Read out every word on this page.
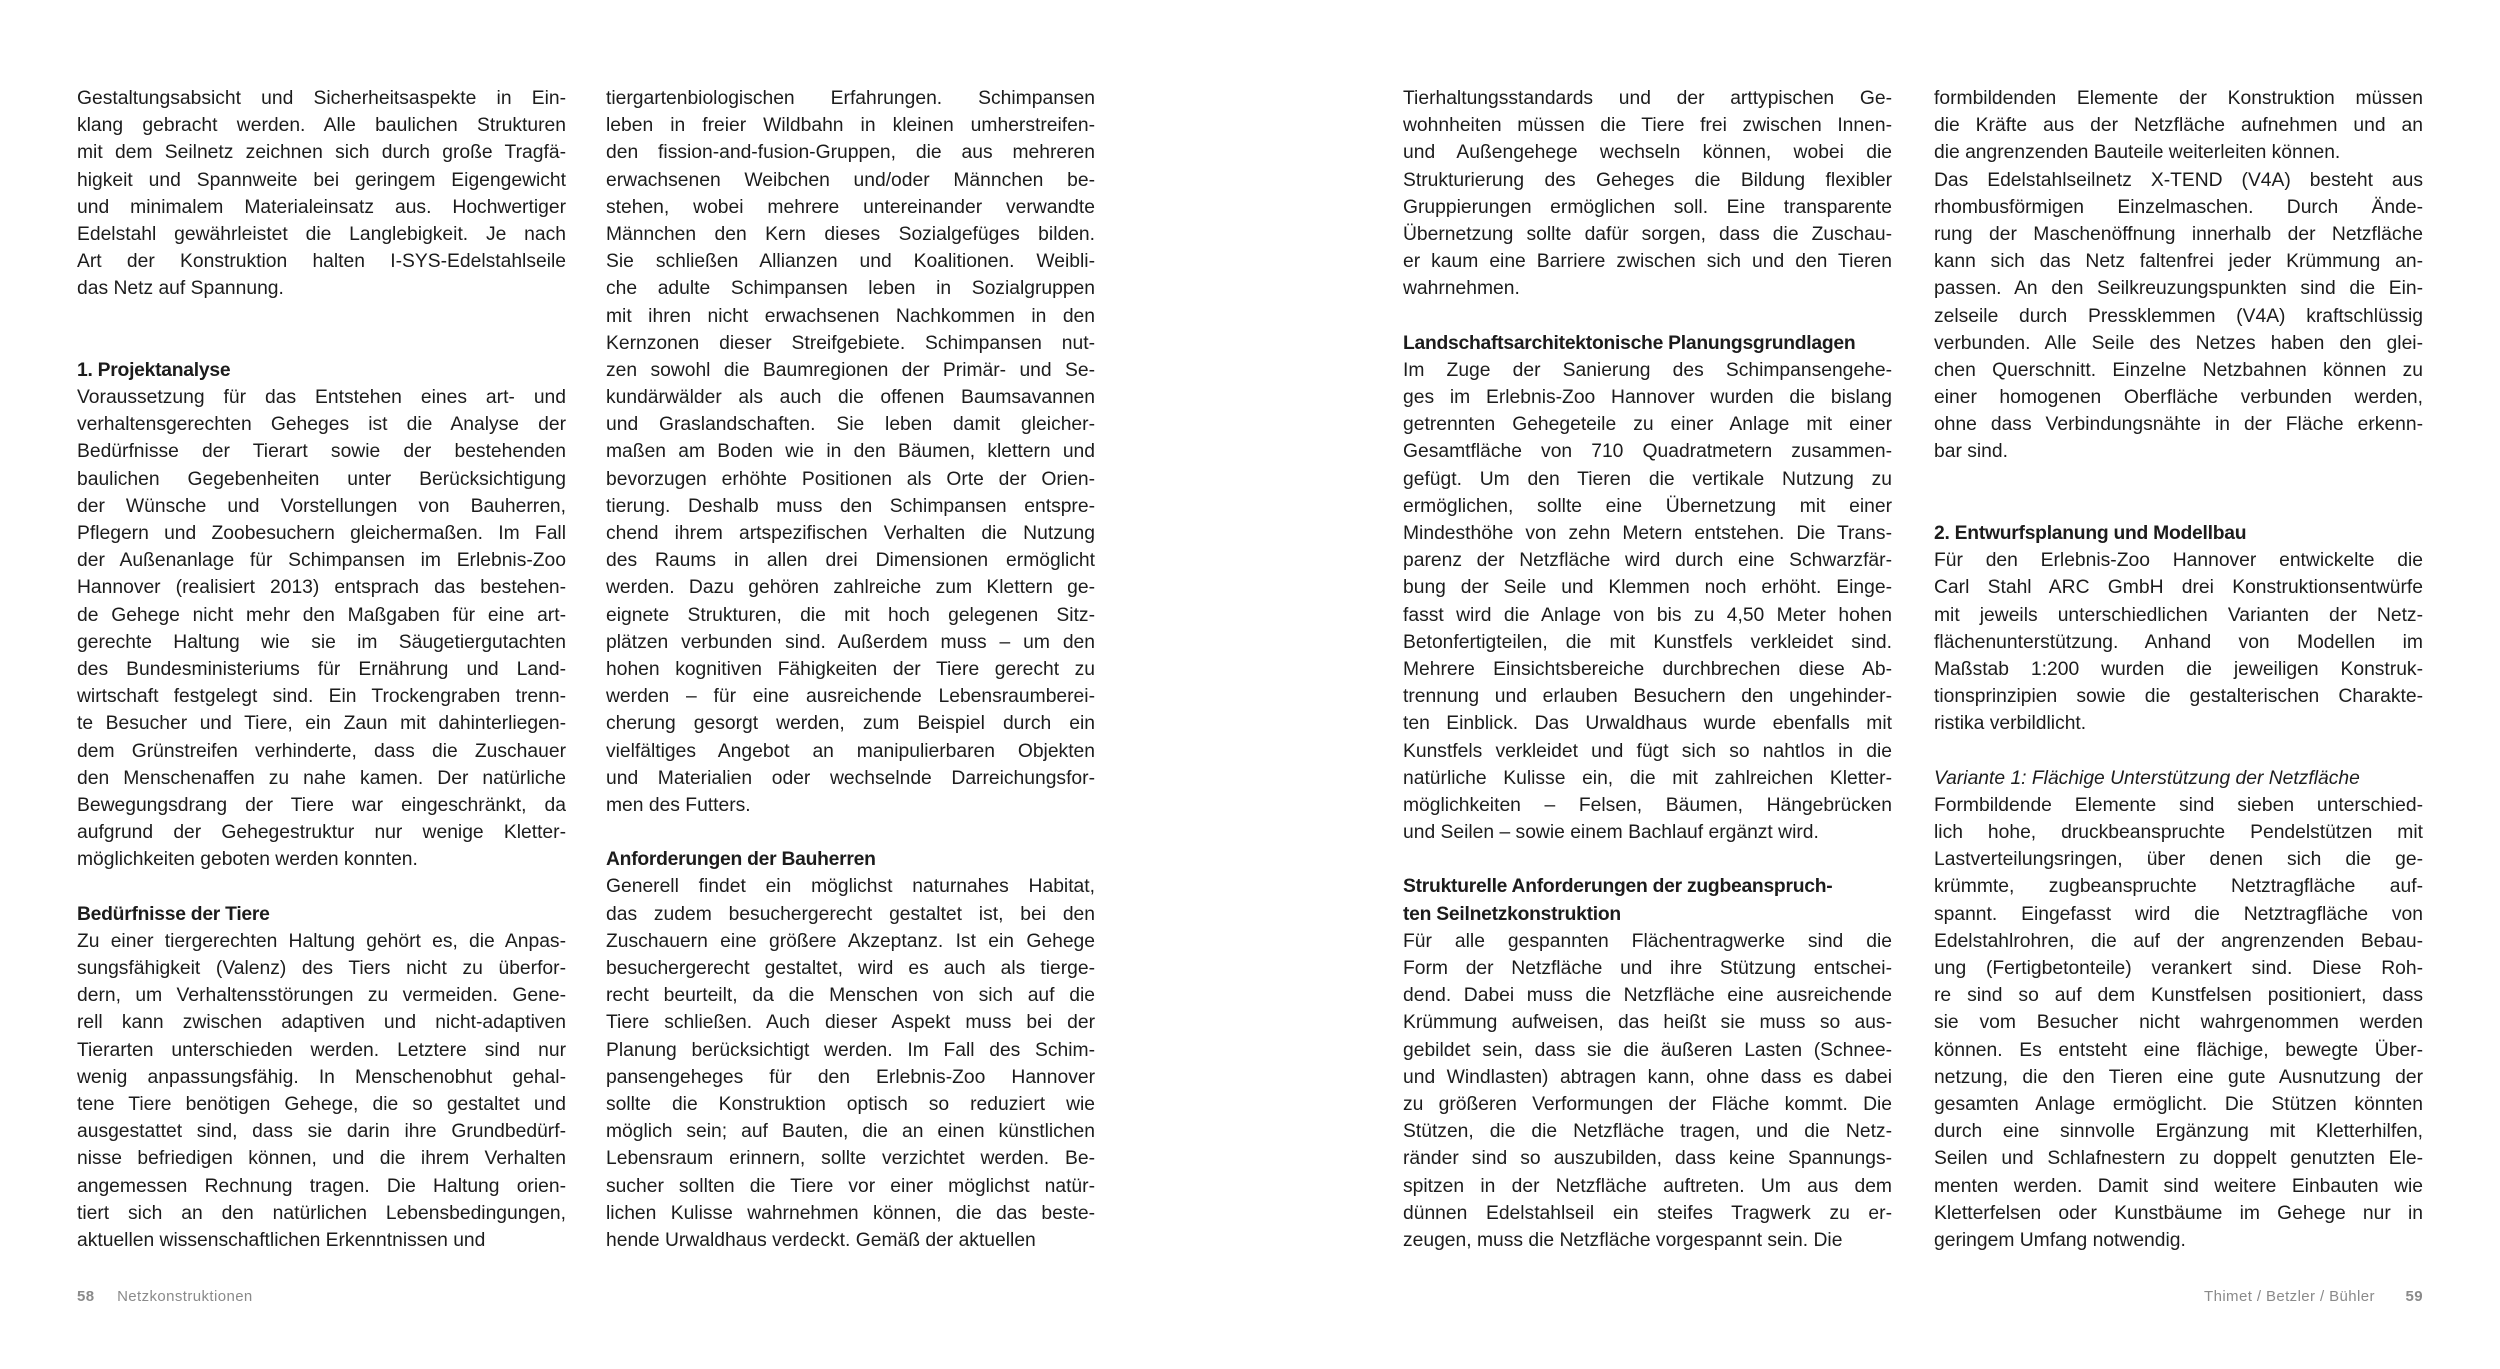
Gestaltungsabsicht und Sicherheitsaspekte in Ein-
klang gebracht werden. Alle baulichen Strukturen
mit dem Seilnetz zeichnen sich durch große Tragfä-
higkeit und Spannweite bei geringem Eigengewicht
und minimalem Materialeinsatz aus. Hochwertiger
Edelstahl gewährleistet die Langlebigkeit. Je nach
Art der Konstruktion halten I-SYS-Edelstahlseile
das Netz auf Spannung.
1. Projektanalyse
Voraussetzung für das Entstehen eines art- und
verhaltensgerechten Geheges ist die Analyse der
Bedürfnisse der Tierart sowie der bestehenden
baulichen Gegebenheiten unter Berücksichtigung
der Wünsche und Vorstellungen von Bauherren,
Pflegern und Zoobesuchern gleichermaßen. Im Fall
der Außenanlage für Schimpansen im Erlebnis-Zoo
Hannover (realisiert 2013) entsprach das bestehen-
de Gehege nicht mehr den Maßgaben für eine art-
gerechte Haltung wie sie im Säugetiergutachten
des Bundesministeriums für Ernährung und Land-
wirtschaft festgelegt sind. Ein Trockengraben trenn-
te Besucher und Tiere, ein Zaun mit dahinterliegen-
dem Grünstreifen verhinderte, dass die Zuschauer
den Menschenaffen zu nahe kamen. Der natürliche
Bewegungsdrang der Tiere war eingeschränkt, da
aufgrund der Gehegestruktur nur wenige Kletter-
möglichkeiten geboten werden konnten.
Bedürfnisse der Tiere
Zu einer tiergerechten Haltung gehört es, die Anpas-
sungsfähigkeit (Valenz) des Tiers nicht zu überfor-
dern, um Verhaltensstörungen zu vermeiden. Gene-
rell kann zwischen adaptiven und nicht-adaptiven
Tierarten unterschieden werden. Letztere sind nur
wenig anpassungsfähig. In Menschenobhut gehal-
tene Tiere benötigen Gehege, die so gestaltet und
ausgestattet sind, dass sie darin ihre Grundbedürf-
nisse befriedigen können, und die ihrem Verhalten
angemessen Rechnung tragen. Die Haltung orien-
tiert sich an den natürlichen Lebensbedingungen,
aktuellen wissenschaftlichen Erkenntnissen und
tiergartenbiologischen Erfahrungen. Schimpansen
leben in freier Wildbahn in kleinen umherstreifen-
den fission-and-fusion-Gruppen, die aus mehreren
erwachsenen Weibchen und/oder Männchen be-
stehen, wobei mehrere untereinander verwandte
Männchen den Kern dieses Sozialgefüges bilden.
Sie schließen Allianzen und Koalitionen. Weibli-
che adulte Schimpansen leben in Sozialgruppen
mit ihren nicht erwachsenen Nachkommen in den
Kernzonen dieser Streifgebiete. Schimpansen nut-
zen sowohl die Baumregionen der Primär- und Se-
kundärwälder als auch die offenen Baumsavannen
und Graslandschaften. Sie leben damit gleicher-
maßen am Boden wie in den Bäumen, klettern und
bevorzugen erhöhte Positionen als Orte der Orien-
tierung. Deshalb muss den Schimpansen entspre-
chend ihrem artspezifischen Verhalten die Nutzung
des Raums in allen drei Dimensionen ermöglicht
werden. Dazu gehören zahlreiche zum Klettern ge-
eignete Strukturen, die mit hoch gelegenen Sitz-
plätzen verbunden sind. Außerdem muss – um den
hohen kognitiven Fähigkeiten der Tiere gerecht zu
werden – für eine ausreichende Lebensraumberei-
cherung gesorgt werden, zum Beispiel durch ein
vielfältiges Angebot an manipulierbaren Objekten
und Materialien oder wechselnde Darreichungsfor-
men des Futters.
Anforderungen der Bauherren
Generell findet ein möglichst naturnahes Habitat,
das zudem besuchergerecht gestaltet ist, bei den
Zuschauern eine größere Akzeptanz. Ist ein Gehege
besuchergerecht gestaltet, wird es auch als tierge-
recht beurteilt, da die Menschen von sich auf die
Tiere schließen. Auch dieser Aspekt muss bei der
Planung berücksichtigt werden. Im Fall des Schim-
pansengeheges für den Erlebnis-Zoo Hannover
sollte die Konstruktion optisch so reduziert wie
möglich sein; auf Bauten, die an einen künstlichen
Lebensraum erinnern, sollte verzichtet werden. Be-
sucher sollten die Tiere vor einer möglichst natür-
lichen Kulisse wahrnehmen können, die das beste-
hende Urwaldhaus verdeckt. Gemäß der aktuellen
Tierhaltungsstandards und der arttypischen Ge-
wohnheiten müssen die Tiere frei zwischen Innen-
und Außengehege wechseln können, wobei die
Strukturierung des Geheges die Bildung flexibler
Gruppierungen ermöglichen soll. Eine transparente
Übernetzung sollte dafür sorgen, dass die Zuschau-
er kaum eine Barriere zwischen sich und den Tieren
wahrnehmen.
Landschaftsarchitektonische Planungsgrundlagen
Im Zuge der Sanierung des Schimpansengehe-
ges im Erlebnis-Zoo Hannover wurden die bislang
getrennten Gehegeteile zu einer Anlage mit einer
Gesamtfläche von 710 Quadratmetern zusammen-
gefügt. Um den Tieren die vertikale Nutzung zu
ermöglichen, sollte eine Übernetzung mit einer
Mindesthöhe von zehn Metern entstehen. Die Trans-
parenz der Netzfläche wird durch eine Schwarzfär-
bung der Seile und Klemmen noch erhöht. Einge-
fasst wird die Anlage von bis zu 4,50 Meter hohen
Betonfertigteilen, die mit Kunstfels verkleidet sind.
Mehrere Einsichtsbereiche durchbrechen diese Ab-
trennung und erlauben Besuchern den ungehinder-
ten Einblick. Das Urwaldhaus wurde ebenfalls mit
Kunstfels verkleidet und fügt sich so nahtlos in die
natürliche Kulisse ein, die mit zahlreichen Kletter-
möglichkeiten – Felsen, Bäumen, Hängebrücken
und Seilen – sowie einem Bachlauf ergänzt wird.
Strukturelle Anforderungen der zugbeanspruch-
ten Seilnetzkonstruktion
Für alle gespannten Flächentragwerke sind die
Form der Netzfläche und ihre Stützung entschei-
dend. Dabei muss die Netzfläche eine ausreichende
Krümmung aufweisen, das heißt sie muss so aus-
gebildet sein, dass sie die äußeren Lasten (Schnee-
und Windlasten) abtragen kann, ohne dass es dabei
zu größeren Verformungen der Fläche kommt. Die
Stützen, die die Netzfläche tragen, und die Netz-
ränder sind so auszubilden, dass keine Spannungs-
spitzen in der Netzfläche auftreten. Um aus dem
dünnen Edelstahlseil ein steifes Tragwerk zu er-
zeugen, muss die Netzfläche vorgespannt sein. Die
formbildenden Elemente der Konstruktion müssen
die Kräfte aus der Netzfläche aufnehmen und an
die angrenzenden Bauteile weiterleiten können.
Das Edelstahlseilnetz X-TEND (V4A) besteht aus
rhombusförmigen Einzelmaschen. Durch Ände-
rung der Maschenöffnung innerhalb der Netzfläche
kann sich das Netz faltenfrei jeder Krümmung an-
passen. An den Seilkreuzungspunkten sind die Ein-
zelseile durch Pressklemmen (V4A) kraftschlüssig
verbunden. Alle Seile des Netzes haben den glei-
chen Querschnitt. Einzelne Netzbahnen können zu
einer homogenen Oberfläche verbunden werden,
ohne dass Verbindungsnähte in der Fläche erkenn-
bar sind.
2. Entwurfsplanung und Modellbau
Für den Erlebnis-Zoo Hannover entwickelte die
Carl Stahl ARC GmbH drei Konstruktionsentwürfe
mit jeweils unterschiedlichen Varianten der Netz-
flächenunterstützung. Anhand von Modellen im
Maßstab 1:200 wurden die jeweiligen Konstruk-
tionsprinzipien sowie die gestalterischen Charakte-
ristika verbildlicht.
Variante 1: Flächige Unterstützung der Netzfläche
Formbildende Elemente sind sieben unterschied-
lich hohe, druckbeanspruchte Pendelstützen mit
Lastverteilungsringen, über denen sich die ge-
krümmte, zugbeanspruchte Netztragfläche auf-
spannt. Eingefasst wird die Netztragfläche von
Edelstahlrohren, die auf der angrenzenden Bebau-
ung (Fertigbetonteile) verankert sind. Diese Roh-
re sind so auf dem Kunstfelsen positioniert, dass
sie vom Besucher nicht wahrgenommen werden
können. Es entsteht eine flächige, bewegte Über-
netzung, die den Tieren eine gute Ausnutzung der
gesamten Anlage ermöglicht. Die Stützen könnten
durch eine sinnvolle Ergänzung mit Kletterhilfen,
Seilen und Schlafnestern zu doppelt genutzten Ele-
menten werden. Damit sind weitere Einbauten wie
Kletterfelsen oder Kunstbäume im Gehege nur in
geringem Umfang notwendig.
58 Netzkonstruktionen	Thimet / Betzler / Bühler 59
